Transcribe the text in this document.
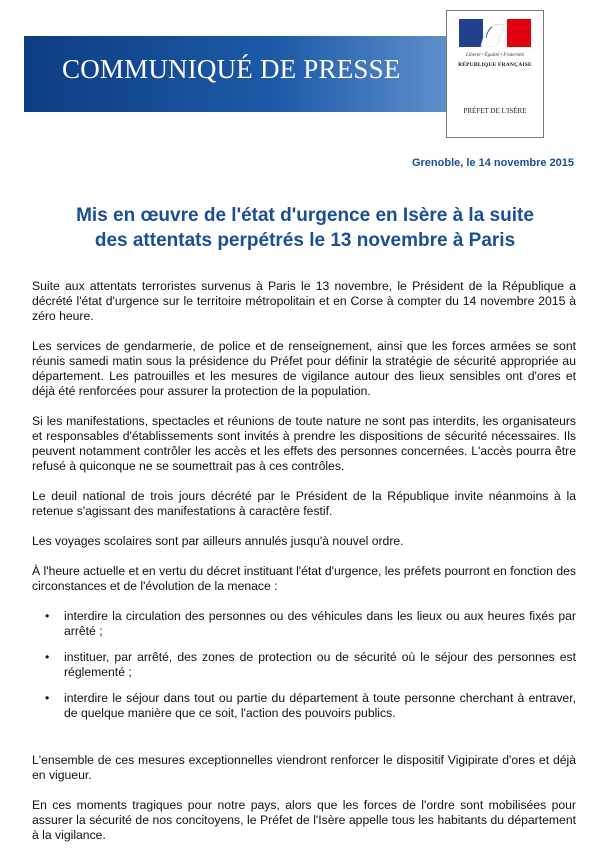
COMMUNIQUÉ DE PRESSE	Liberté • Égalité • Fraternité
RÉPUBLIQUE FRANÇAISE
PRÉFET DE L'ISÈRE
Grenoble, le 14 novembre 2015
Mis en œuvre de l'état d'urgence en Isère à la suite
des attentats perpétrés le 13 novembre à Paris

Suite aux attentats terroristes survenus à Paris le 13 novembre, le Président de la République a décrété l'état d'urgence sur le territoire métropolitain et en Corse à compter du 14 novembre 2015 à zéro heure.

Les services de gendarmerie, de police et de renseignement, ainsi que les forces armées se sont réunis samedi matin sous la présidence du Préfet pour définir la stratégie de sécurité appropriée au département. Les patrouilles et les mesures de vigilance autour des lieux sensibles ont d'ores et déjà été renforcées pour assurer la protection de la population.

Si les manifestations, spectacles et réunions de toute nature ne sont pas interdits, les organisateurs et responsables d'établissements sont invités à prendre les dispositions de sécurité nécessaires. Ils peuvent notamment contrôler les accès et les effets des personnes concernées. L'accès pourra être refusé à quiconque ne se soumettrait pas à ces contrôles.

Le deuil national de trois jours décrété par le Président de la République invite néanmoins à la retenue s'agissant des manifestations à caractère festif.

Les voyages scolaires sont par ailleurs annulés jusqu'à nouvel ordre.

À l'heure actuelle et en vertu du décret instituant l'état d'urgence, les préfets pourront en fonction des circonstances et de l'évolution de la menace :

• interdire la circulation des personnes ou des véhicules dans les lieux ou aux heures fixés par arrêté ;
• instituer, par arrêté, des zones de protection ou de sécurité où le séjour des personnes est réglementé ;
• interdire le séjour dans tout ou partie du département à toute personne cherchant à entraver, de quelque manière que ce soit, l'action des pouvoirs publics.

L'ensemble de ces mesures exceptionnelles viendront renforcer le dispositif Vigipirate d'ores et déjà en vigueur.

En ces moments tragiques pour notre pays, alors que les forces de l'ordre sont mobilisées pour assurer la sécurité de nos concitoyens, le Préfet de l'Isère appelle tous les habitants du département à la vigilance.
